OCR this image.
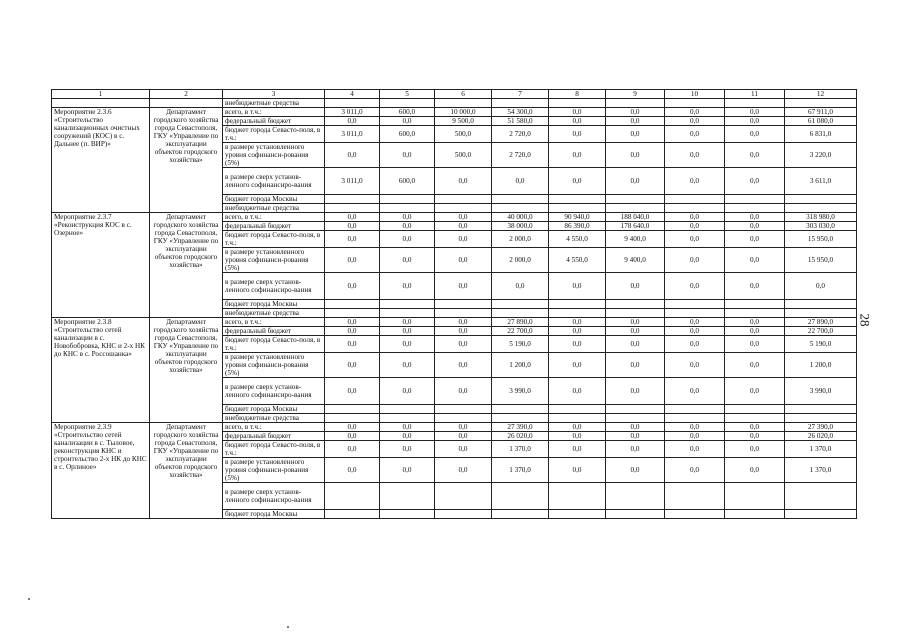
1	2	3	4	5	6	7	8	9	10	11	12
		внебюджетные средства									
Мероприятие 2.3.6 «Строительство канализационных очистных сооружений (КОС) в с. Дальнее (п. ВИР)»	Департамент городского хозяйства города Севастополя, ГКУ «Управление по эксплуатации объектов городского хозяйства»	всего, в т.ч.:	3 011,0	600,0	10 000,0	54 300,0	0,0	0,0	0,0	0,0	67 911,0
		федеральный бюджет	0,0	0,0	9 500,0	51 580,0	0,0	0,0	0,0	0,0	61 080,0
		бюджет города Севасто-поля, в т.ч.:	3 011,0	600,0	500,0	2 720,0	0,0	0,0	0,0	0,0	6 831,0
		в размере установленного уровня софинанси-рования (5%)	0,0	0,0	500,0	2 720,0	0,0	0,0	0,0	0,0	3 220,0
		в размере сверх установ-ленного софинансиро-вания	3 011,0	600,0	0,0	0,0	0,0	0,0	0,0	0,0	3 611,0
		бюджет города Москвы									
		внебюджетные средства									
Мероприятие 2.3.7 «Реконструкция КОС в с. Озерное»	Департамент городского хозяйства города Севастополя, ГКУ «Управление по эксплуатации объектов городского хозяйства»	всего, в т.ч.:	0,0	0,0	0,0	40 000,0	90 940,0	188 040,0	0,0	0,0	318 980,0
		федеральный бюджет	0,0	0,0	0,0	38 000,0	86 390,0	178 640,0	0,0	0,0	303 030,0
		бюджет города Севасто-поля, в т.ч.:	0,0	0,0	0,0	2 000,0	4 550,0	9 400,0	0,0	0,0	15 950,0
		в размере установленного уровня софинанси-рования (5%)	0,0	0,0	0,0	2 000,0	4 550,0	9 400,0	0,0	0,0	15 950,0
		в размере сверх установ-ленного софинансиро-вания	0,0	0,0	0,0	0,0	0,0	0,0	0,0	0,0	0,0
		бюджет города Москвы									
		внебюджетные средства									
Мероприятие 2.3.8 «Строительство сетей канализации в с. Новобобровка, КНС и 2-х НК до КНС в с. Россошанка»	Департамент городского хозяйства города Севастополя, ГКУ «Управление по эксплуатации объектов городского хозяйства»	всего, в т.ч.:	0,0	0,0	0,0	27 890,0	0,0	0,0	0,0	0,0	27 890,0
		федеральный бюджет	0,0	0,0	0,0	22 700,0	0,0	0,0	0,0	0,0	22 700,0
		бюджет города Севасто-поля, в т.ч.:	0,0	0,0	0,0	5 190,0	0,0	0,0	0,0	0,0	5 190,0
		в размере установленного уровня софинанси-рования (5%)	0,0	0,0	0,0	1 200,0	0,0	0,0	0,0	0,0	1 200,0
		в размере сверх установ-ленного софинансиро-вания	0,0	0,0	0,0	3 990,0	0,0	0,0	0,0	0,0	3 990,0
		бюджет города Москвы									
		внебюджетные средства									
Мероприятие 2.3.9 «Строительство сетей канализации в с. Тыловое, реконструкция КНС и строительство 2-х НК до КНС в с. Орлиное»	Департамент городского хозяйства города Севастополя, ГКУ «Управление по эксплуатации объектов городского хозяйства»	всего, в т.ч.:	0,0	0,0	0,0	27 390,0	0,0	0,0	0,0	0,0	27 390,0
		федеральный бюджет	0,0	0,0	0,0	26 020,0	0,0	0,0	0,0	0,0	26 020,0
		бюджет города Севасто-поля, в т.ч.:	0,0	0,0	0,0	1 370,0	0,0	0,0	0,0	0,0	1 370,0
		в размере установленного уровня софинанси-рования (5%)	0,0	0,0	0,0	1 370,0	0,0	0,0	0,0	0,0	1 370,0
		в размере сверх установ-ленного софинансиро-вания									
		бюджет города Москвы									
28
